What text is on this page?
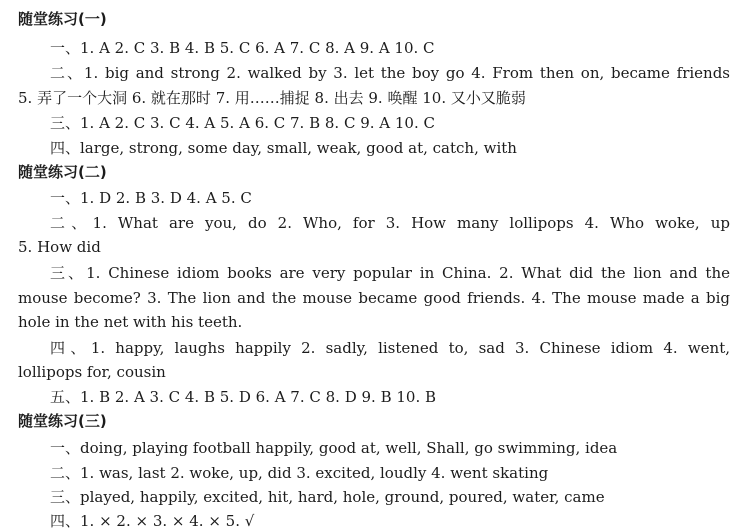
随堂练习(一)
一、1. A 2. C 3. B 4. B 5. C 6. A 7. C 8. A 9. A 10. C
二、1. big and strong 2. walked by 3. let the boy go 4. From then on, became friends
5. 弄了一个大洞 6. 就在那时 7. 用……捕捉 8. 出去 9. 唤醒 10. 又小又脆弱
三、1. A 2. C 3. C 4. A 5. A 6. C 7. B 8. C 9. A 10. C
四、large, strong, some day, small, weak, good at, catch, with
随堂练习(二)
一、1. D 2. B 3. D 4. A 5. C
二、1. What are you, do 2. Who, for 3. How many lollipops 4. Who woke, up
5. How did
三、1. Chinese idiom books are very popular in China. 2. What did the lion and the
mouse become? 3. The lion and the mouse became good friends. 4. The mouse made a big
hole in the net with his teeth.
四、1. happy, laughs happily 2. sadly, listened to, sad 3. Chinese idiom 4. went,
lollipops for, cousin
五、1. B 2. A 3. C 4. B 5. D 6. A 7. C 8. D 9. B 10. B
随堂练习(三)
一、doing, playing football happily, good at, well, Shall, go swimming, idea
二、1. was, last 2. woke, up, did 3. excited, loudly 4. went skating
三、played, happily, excited, hit, hard, hole, ground, poured, water, came
四、1. × 2. × 3. × 4. × 5. √
